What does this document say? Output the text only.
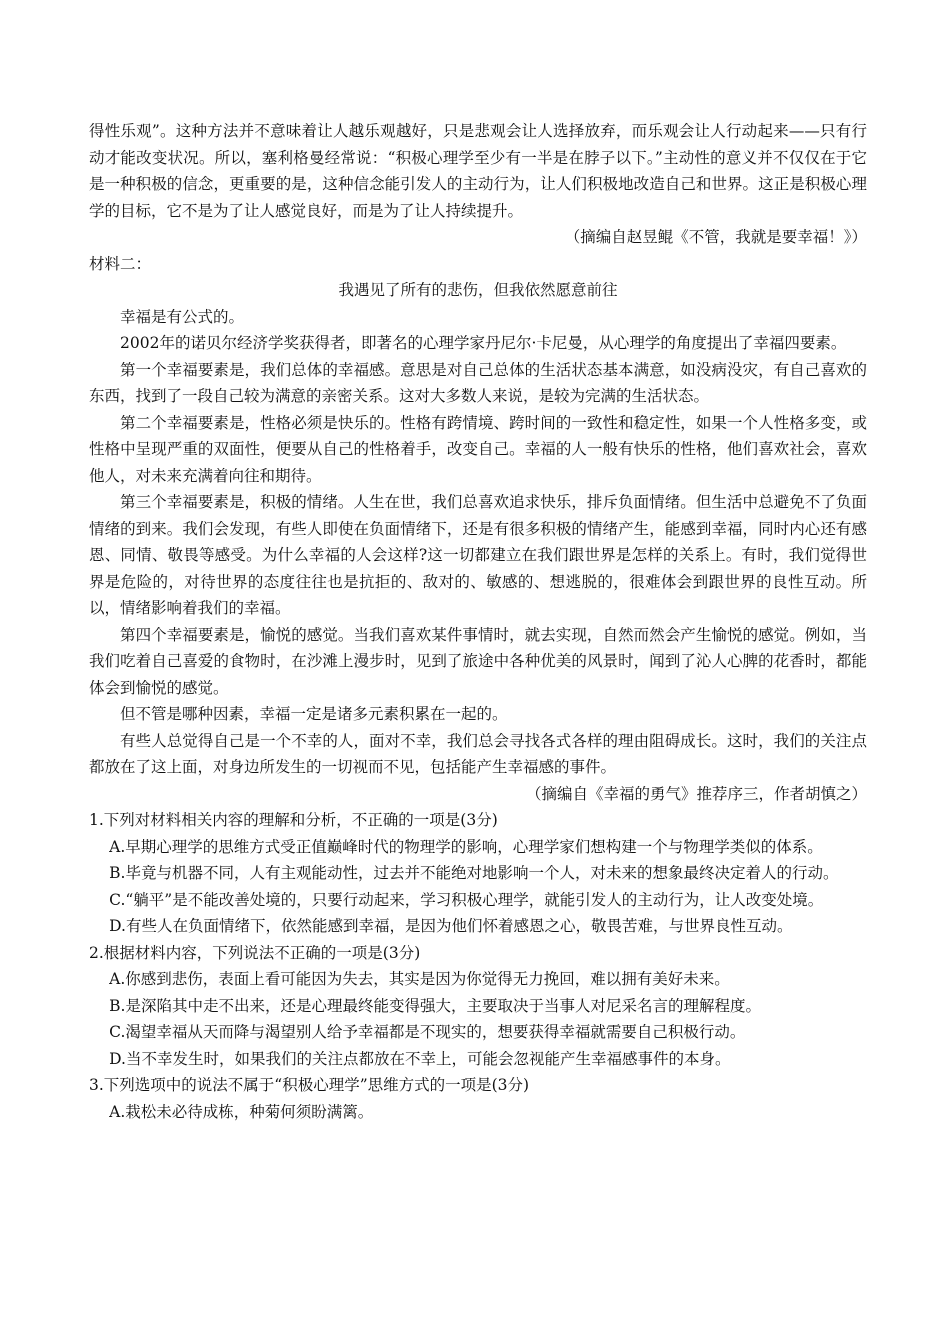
得性乐观”。这种方法并不意味着让人越乐观越好，只是悲观会让人选择放弃，而乐观会让人行动起来——只有行动才能改变状况。所以，塞利格曼经常说：“积极心理学至少有一半是在脖子以下。”主动性的意义并不仅仅在于它是一种积极的信念，更重要的是，这种信念能引发人的主动行为，让人们积极地改造自己和世界。这正是积极心理学的目标，它不是为了让人感觉良好，而是为了让人持续提升。

（摘编自赵昱鲲《不管，我就是要幸福！》）

材料二：

我遇见了所有的悲伤，但我依然愿意前往

幸福是有公式的。

2002年的诺贝尔经济学奖获得者，即著名的心理学家丹尼尔·卡尼曼，从心理学的角度提出了幸福四要素。

第一个幸福要素是，我们总体的幸福感。意思是对自己总体的生活状态基本满意，如没病没灾，有自己喜欢的东西，找到了一段自己较为满意的亲密关系。这对大多数人来说，是较为完满的生活状态。

第二个幸福要素是，性格必须是快乐的。性格有跨情境、跨时间的一致性和稳定性，如果一个人性格多变，或性格中呈现严重的双面性，便要从自己的性格着手，改变自己。幸福的人一般有快乐的性格，他们喜欢社会，喜欢他人，对未来充满着向往和期待。

第三个幸福要素是，积极的情绪。人生在世，我们总喜欢追求快乐，排斥负面情绪。但生活中总避免不了负面情绪的到来。我们会发现，有些人即使在负面情绪下，还是有很多积极的情绪产生，能感到幸福，同时内心还有感恩、同情、敬畏等感受。为什么幸福的人会这样?这一切都建立在我们跟世界是怎样的关系上。有时，我们觉得世界是危险的，对待世界的态度往往也是抗拒的、敌对的、敏感的、想逃脱的，很难体会到跟世界的良性互动。所以，情绪影响着我们的幸福。

第四个幸福要素是，愉悦的感觉。当我们喜欢某件事情时，就去实现，自然而然会产生愉悦的感觉。例如，当我们吃着自己喜爱的食物时，在沙滩上漫步时，见到了旅途中各种优美的风景时，闻到了沁人心脾的花香时，都能体会到愉悦的感觉。

但不管是哪种因素，幸福一定是诸多元素积累在一起的。

有些人总觉得自己是一个不幸的人，面对不幸，我们总会寻找各式各样的理由阻碍成长。这时，我们的关注点都放在了这上面，对身边所发生的一切视而不见，包括能产生幸福感的事件。

（摘编自《幸福的勇气》推荐序三，作者胡慎之）

1.下列对材料相关内容的理解和分析，不正确的一项是(3分)

A.早期心理学的思维方式受正值巅峰时代的物理学的影响，心理学家们想构建一个与物理学类似的体系。

B.毕竟与机器不同，人有主观能动性，过去并不能绝对地影响一个人，对未来的想象最终决定着人的行动。

C.“躺平”是不能改善处境的，只要行动起来，学习积极心理学，就能引发人的主动行为，让人改变处境。

D.有些人在负面情绪下，依然能感到幸福，是因为他们怀着感恩之心，敬畏苦难，与世界良性互动。

2.根据材料内容，下列说法不正确的一项是(3分)

A.你感到悲伤，表面上看可能因为失去，其实是因为你觉得无力挽回，难以拥有美好未来。

B.是深陷其中走不出来，还是心理最终能变得强大，主要取决于当事人对尼采名言的理解程度。

C.渴望幸福从天而降与渴望别人给予幸福都是不现实的，想要获得幸福就需要自己积极行动。

D.当不幸发生时，如果我们的关注点都放在不幸上，可能会忽视能产生幸福感事件的本身。

3.下列选项中的说法不属于“积极心理学”思维方式的一项是(3分)

A.栽松未必待成栋，种菊何须盼满篱。
